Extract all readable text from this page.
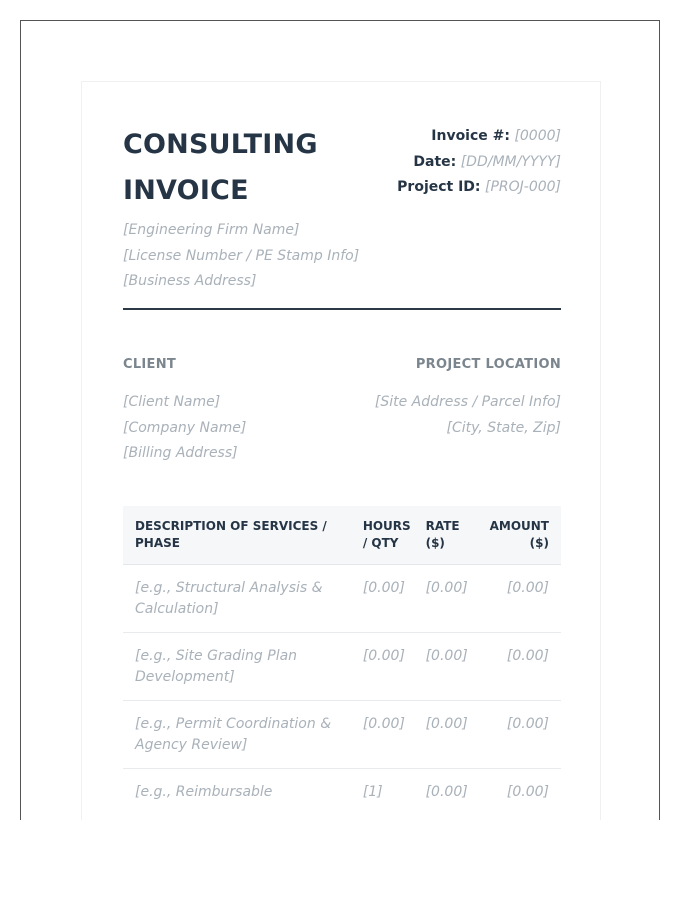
CONSULTING
INVOICE
[Engineering Firm Name]
[License Number / PE Stamp Info]
[Business Address]
Invoice #: [0000]
Date: [DD/MM/YYYY]
Project ID: [PROJ-000]
CLIENT
[Client Name]
[Company Name]
[Billing Address]
PROJECT LOCATION
[Site Address / Parcel Info]
[City, State, Zip]
DESCRIPTION OF SERVICES / PHASE	HOURS / QTY	RATE ($)	AMOUNT ($)
[e.g., Structural Analysis & Calculation]	[0.00]	[0.00]	[0.00]
[e.g., Site Grading Plan Development]	[0.00]	[0.00]	[0.00]
[e.g., Permit Coordination & Agency Review]	[0.00]	[0.00]	[0.00]
[e.g., Reimbursable	[1]	[0.00]	[0.00]
